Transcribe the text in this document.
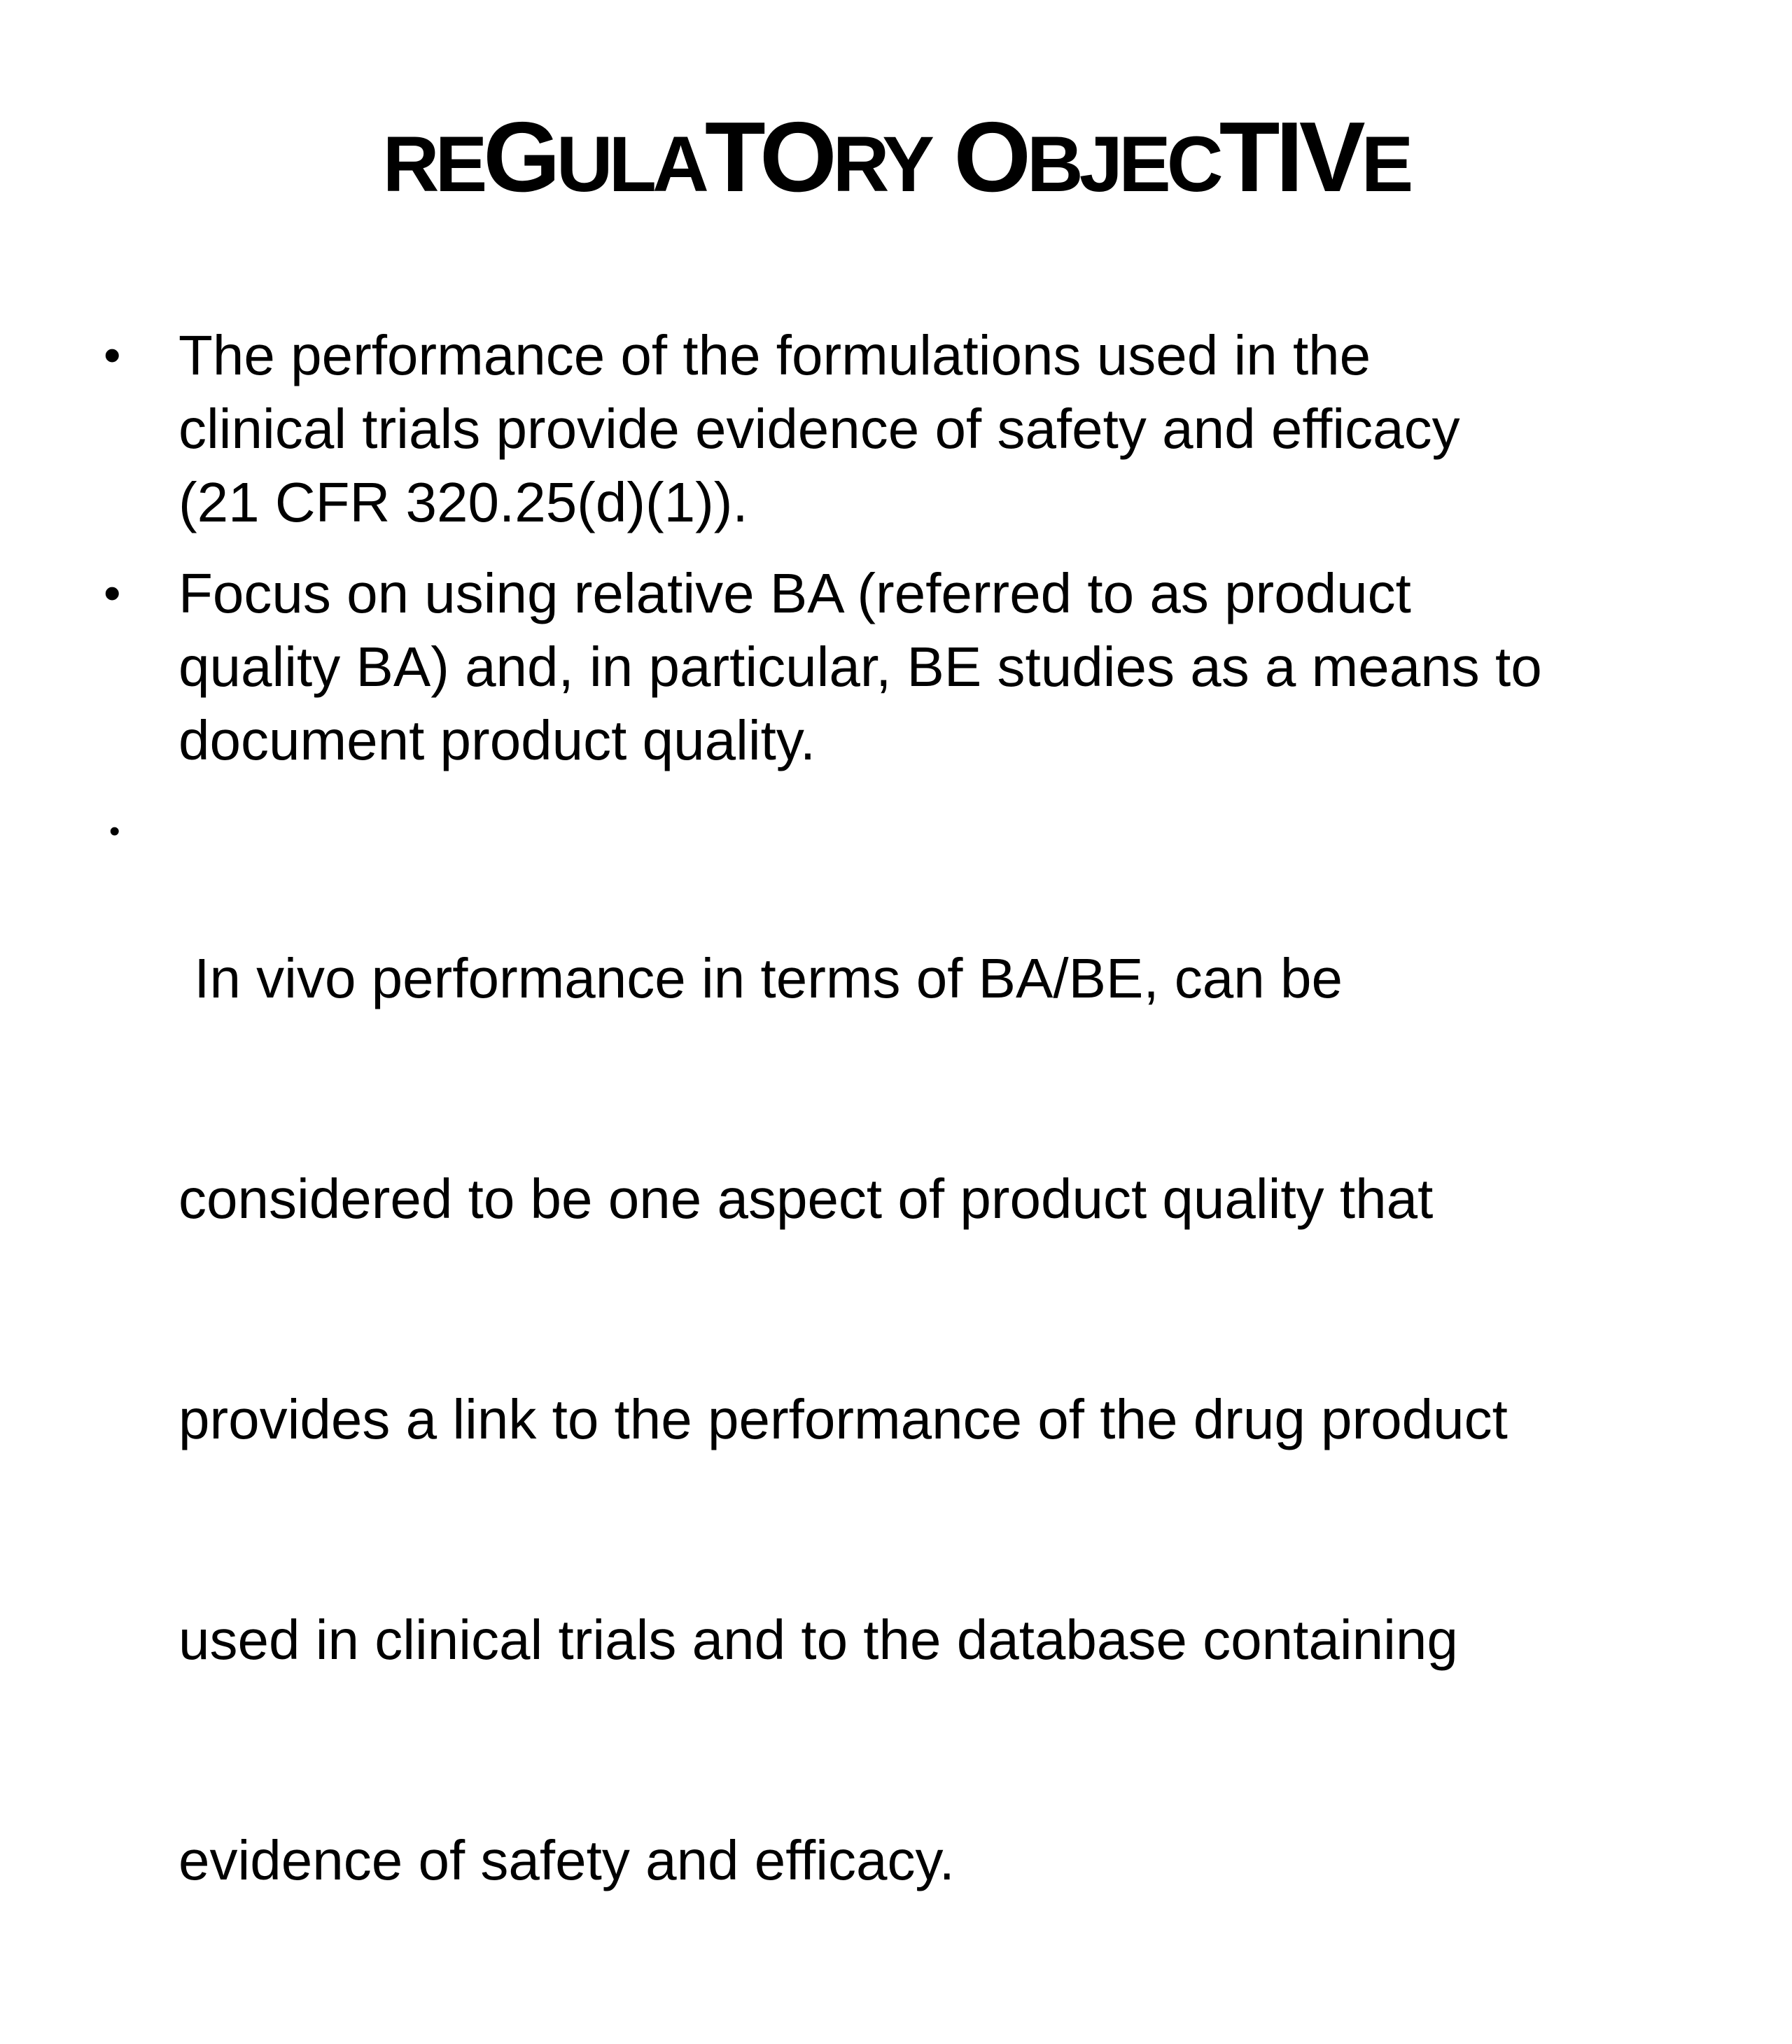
REGULATORY OBJECTIVE
• The performance of the formulations used in the
clinical trials provide evidence of safety and efficacy
(21 CFR 320.25(d)(1)).
• Focus on using relative BA (referred to as product
quality BA) and, in particular, BE studies as a means to
document product quality.
•

In vivo performance in terms of BA/BE, can be

considered to be one aspect of product quality that

provides a link to the performance of the drug product

used in clinical trials and to the database containing

evidence of safety and efficacy.
